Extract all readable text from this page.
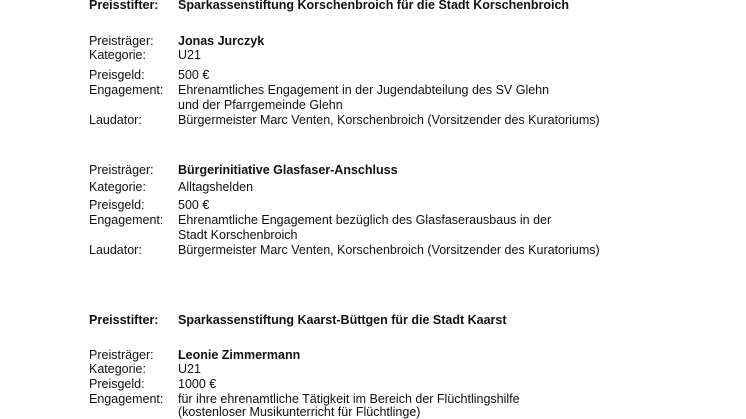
Preisstifter: Sparkassenstiftung Korschenbroich für die Stadt Korschenbroich
Preisträger: Jonas Jurczyk
Kategorie:	U21
Preisgeld:	500 €
Engagement: Ehrenamtliches Engagement in der Jugendabteilung des SV Glehn
und der Pfarrgemeinde Glehn
Laudator:	Bürgermeister Marc Venten, Korschenbroich (Vorsitzender des Kuratoriums)
Preisträger: Bürgerinitiative Glasfaser-Anschluss
Kategorie:	Alltagshelden
Preisgeld:	500 €
Engagement: Ehrenamtliche Engagement bezüglich des Glasfaserausbaus in der
Stadt Korschenbroich
Laudator:	Bürgermeister Marc Venten, Korschenbroich (Vorsitzender des Kuratoriums)
Preisstifter: Sparkassenstiftung Kaarst-Büttgen für die Stadt Kaarst
Preisträger: Leonie Zimmermann
Kategorie:	U21
Preisgeld:	1000 €
Engagement: für ihre ehrenamtliche Tätigkeit im Bereich der Flüchtlingshilfe
(kostenloser Musikunterricht für Flüchtlinge)
